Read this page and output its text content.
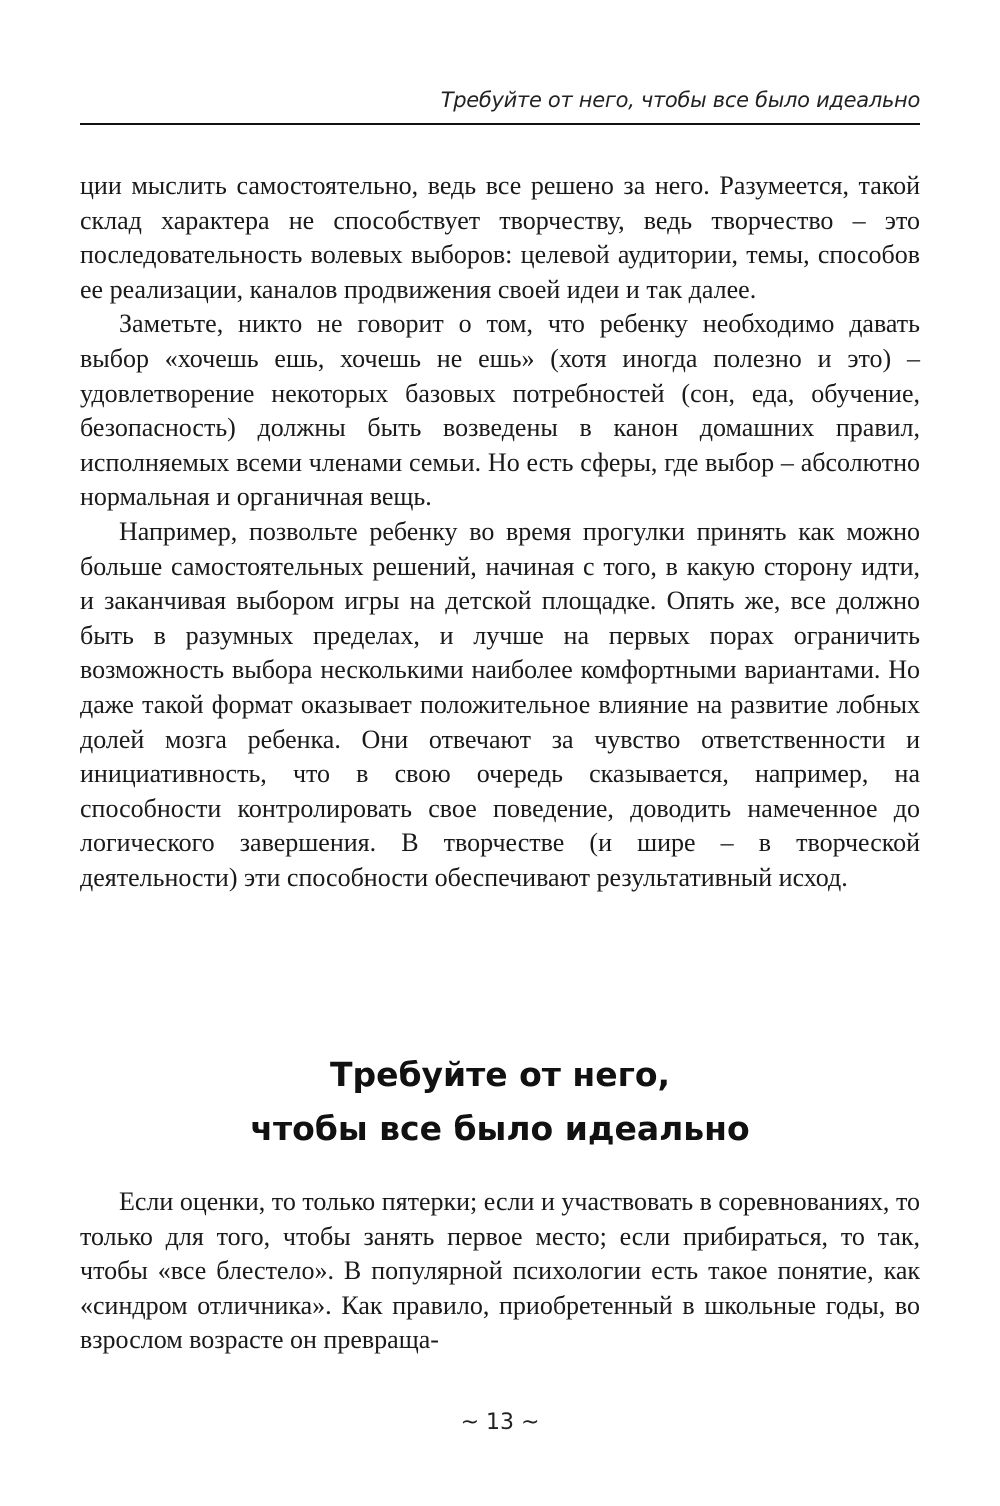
Требуйте от него, чтобы все было идеально

ции мыслить самостоятельно, ведь все решено за него. Разумеется, такой склад характера не способствует творчеству, ведь творчество – это последовательность волевых выборов: целевой аудитории, темы, способов ее реализации, каналов продвижения своей идеи и так далее.

Заметьте, никто не говорит о том, что ребенку необходимо давать выбор «хочешь ешь, хочешь не ешь» (хотя иногда полезно и это) – удовлетворение некоторых базовых потребностей (сон, еда, обучение, безопасность) должны быть возведены в канон домашних правил, исполняемых всеми членами семьи. Но есть сферы, где выбор – абсолютно нормальная и органичная вещь.

Например, позвольте ребенку во время прогулки принять как можно больше самостоятельных решений, начиная с того, в какую сторону идти, и заканчивая выбором игры на детской площадке. Опять же, все должно быть в разумных пределах, и лучше на первых порах ограничить возможность выбора несколькими наиболее комфортными вариантами. Но даже такой формат оказывает положительное влияние на развитие лобных долей мозга ребенка. Они отвечают за чувство ответственности и инициативность, что в свою очередь сказывается, например, на способности контролировать свое поведение, доводить намеченное до логического завершения. В творчестве (и шире – в творческой деятельности) эти способности обеспечивают результативный исход.

Требуйте от него,
чтобы все было идеально

Если оценки, то только пятерки; если и участвовать в соревнованиях, то только для того, чтобы занять первое место; если прибираться, то так, чтобы «все блестело». В популярной психологии есть такое понятие, как «синдром отличника». Как правило, приобретенный в школьные годы, во взрослом возрасте он превраща-

~ 13 ~
